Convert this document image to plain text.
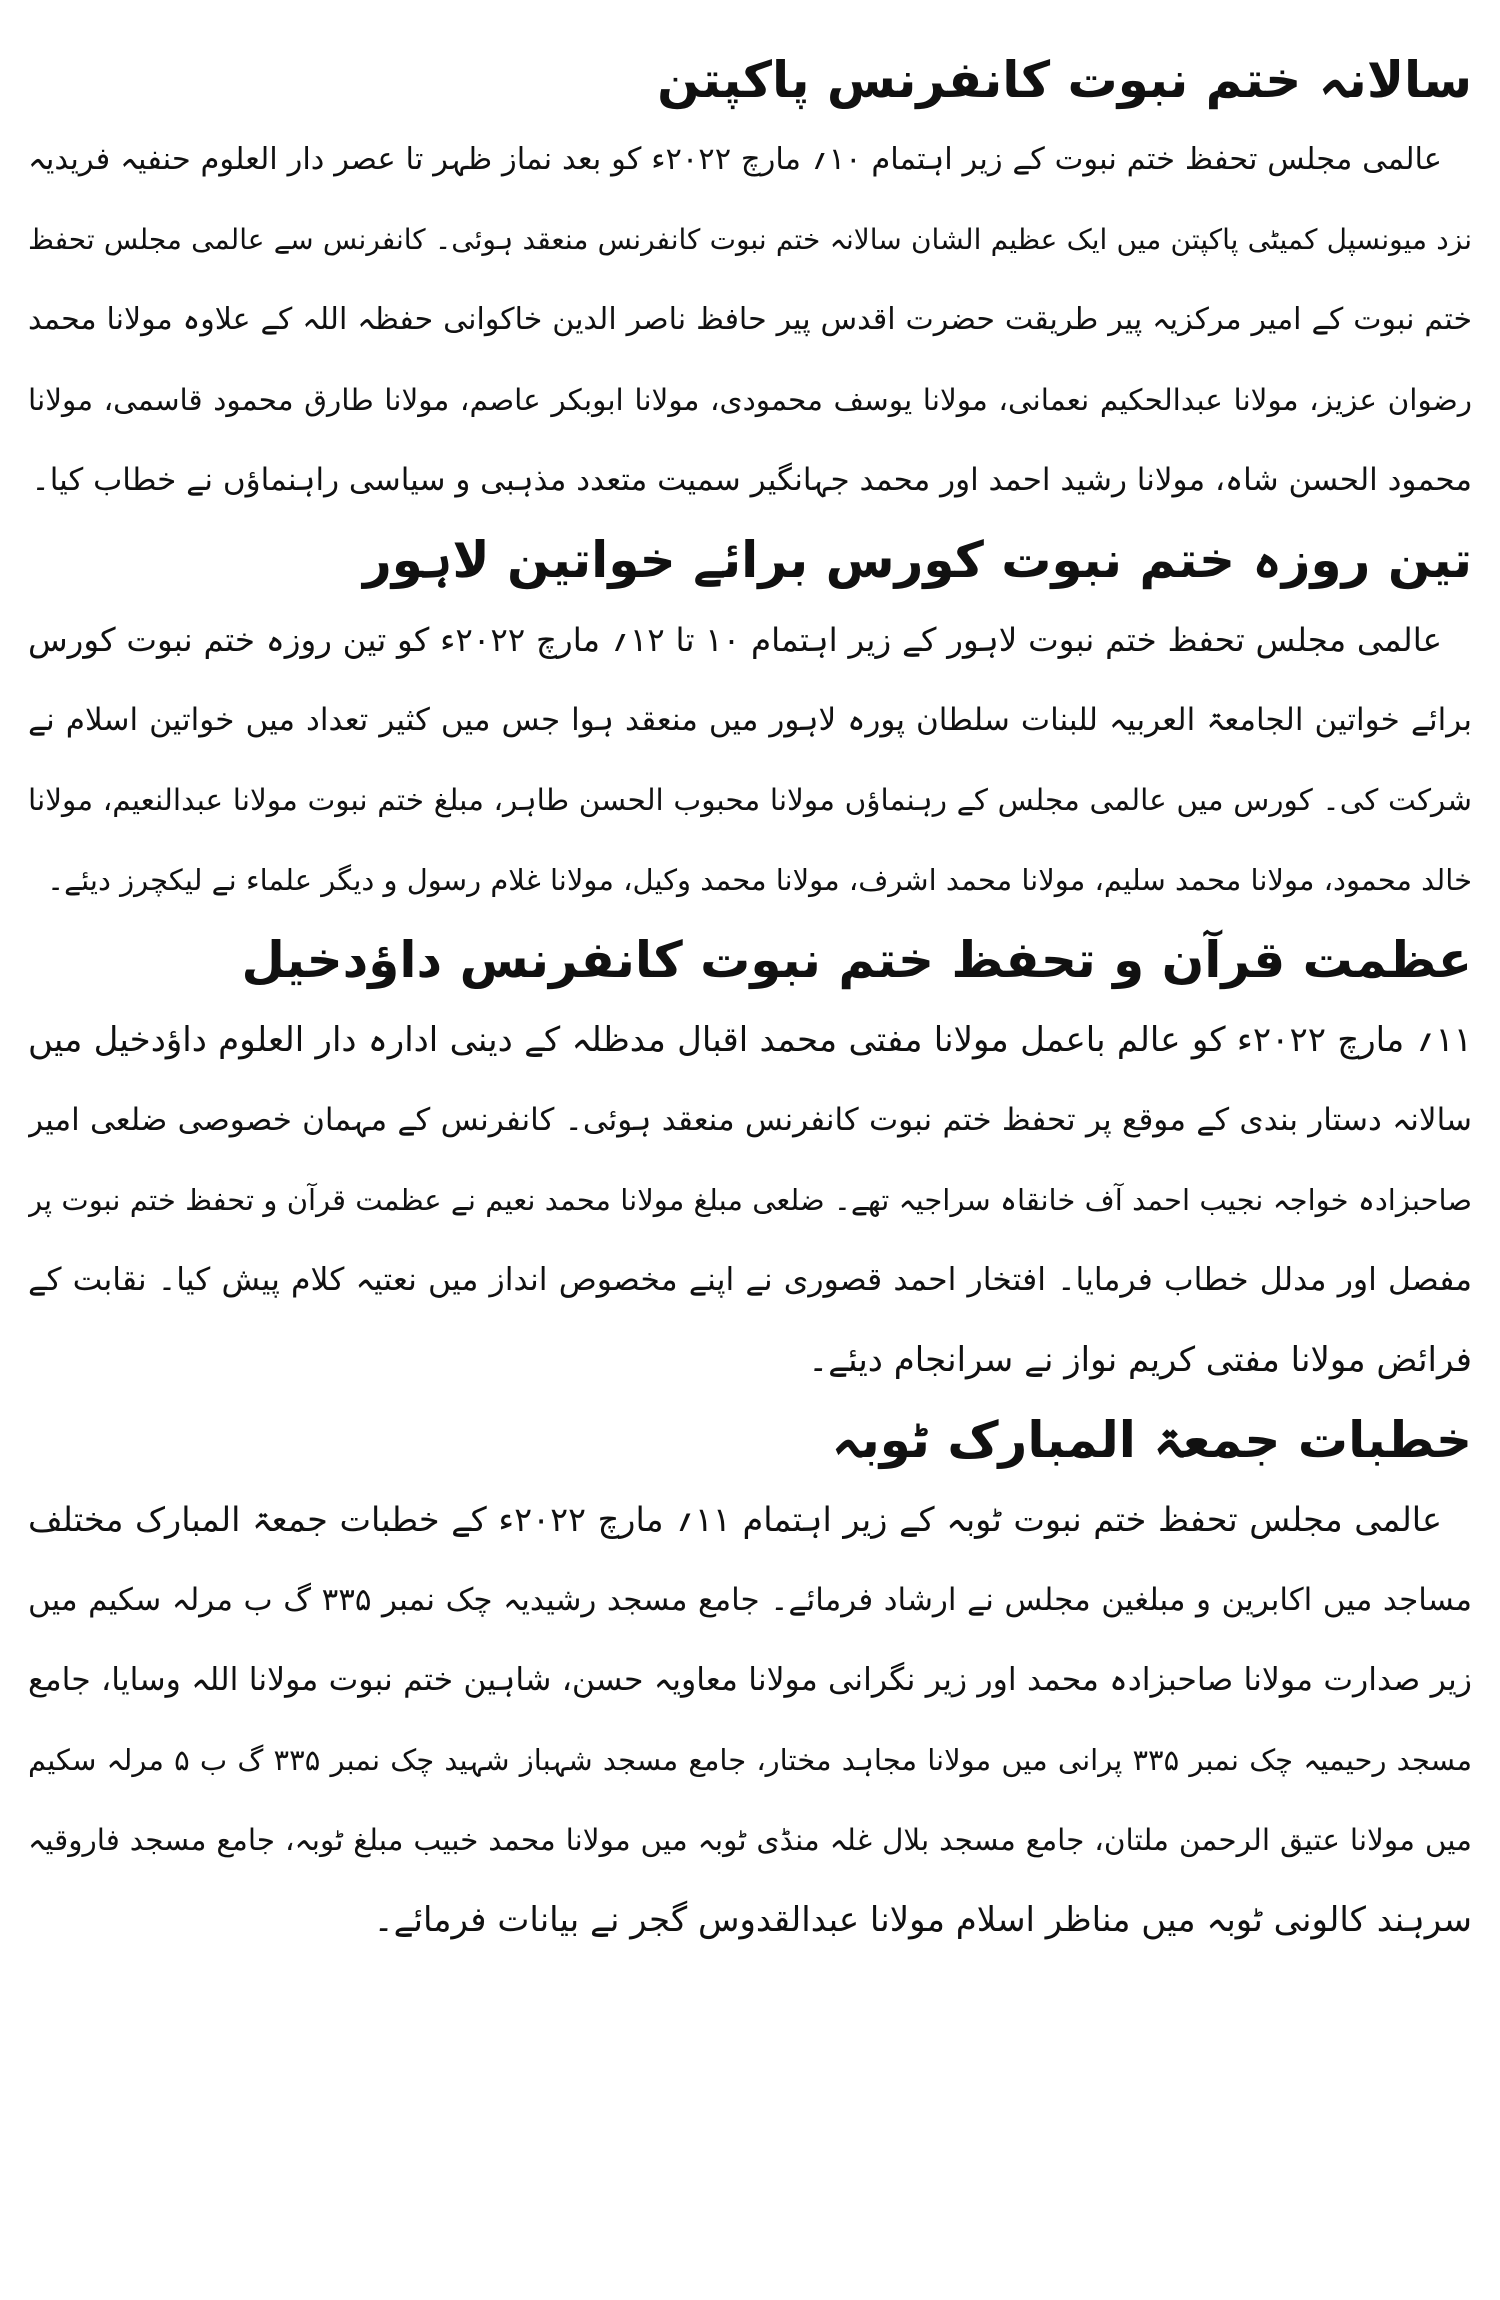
سالانہ ختم نبوت کانفرنس پاکپتن

عالمی مجلس تحفظ ختم نبوت کے زیر اہتمام ۱۰؍ مارچ ۲۰۲۲ء کو بعد نماز ظہر تا عصر دار العلوم حنفیہ فریدیہ

نزد میونسپل کمیٹی پاکپتن میں ایک عظیم الشان سالانہ ختم نبوت کانفرنس منعقد ہوئی۔ کانفرنس سے عالمی مجلس تحفظ

ختم نبوت کے امیر مرکزیہ پیر طریقت حضرت اقدس پیر حافظ ناصر الدین خاکوانی حفظہ اللہ کے علاوہ مولانا محمد

رضوان عزیز، مولانا عبدالحکیم نعمانی، مولانا یوسف محمودی، مولانا ابوبکر عاصم، مولانا طارق محمود قاسمی، مولانا

محمود الحسن شاہ، مولانا رشید احمد اور محمد جہانگیر سمیت متعدد مذہبی و سیاسی راہنماؤں نے خطاب کیا۔

تین روزہ ختم نبوت کورس برائے خواتین لاہور

عالمی مجلس تحفظ ختم نبوت لاہور کے زیر اہتمام ۱۰ تا ۱۲؍ مارچ ۲۰۲۲ء کو تین روزہ ختم نبوت کورس

برائے خواتین الجامعۃ العربیہ للبنات سلطان پورہ لاہور میں منعقد ہوا جس میں کثیر تعداد میں خواتین اسلام نے

شرکت کی۔ کورس میں عالمی مجلس کے رہنماؤں مولانا محبوب الحسن طاہر، مبلغ ختم نبوت مولانا عبدالنعیم، مولانا

خالد محمود، مولانا محمد سلیم، مولانا محمد اشرف، مولانا محمد وکیل، مولانا غلام رسول و دیگر علماء نے لیکچرز دیئے۔

عظمت قرآن و تحفظ ختم نبوت کانفرنس داؤدخیل

۱۱؍ مارچ ۲۰۲۲ء کو عالم باعمل مولانا مفتی محمد اقبال مدظلہ کے دینی ادارہ دار العلوم داؤدخیل میں

سالانہ دستار بندی کے موقع پر تحفظ ختم نبوت کانفرنس منعقد ہوئی۔ کانفرنس کے مہمان خصوصی ضلعی امیر

صاحبزادہ خواجہ نجیب احمد آف خانقاہ سراجیہ تھے۔ ضلعی مبلغ مولانا محمد نعیم نے عظمت قرآن و تحفظ ختم نبوت پر

مفصل اور مدلل خطاب فرمایا۔ افتخار احمد قصوری نے اپنے مخصوص انداز میں نعتیہ کلام پیش کیا۔ نقابت کے

فرائض مولانا مفتی کریم نواز نے سرانجام دیئے۔

خطبات جمعۃ المبارک ٹوبہ

عالمی مجلس تحفظ ختم نبوت ٹوبہ کے زیر اہتمام ۱۱؍ مارچ ۲۰۲۲ء کے خطبات جمعۃ المبارک مختلف

مساجد میں اکابرین و مبلغین مجلس نے ارشاد فرمائے۔ جامع مسجد رشیدیہ چک نمبر ۳۳۵ گ ب مرلہ سکیم میں

زیر صدارت مولانا صاحبزادہ محمد اور زیر نگرانی مولانا معاویہ حسن، شاہین ختم نبوت مولانا اللہ وسایا، جامع

مسجد رحیمیہ چک نمبر ۳۳۵ پرانی میں مولانا مجاہد مختار، جامع مسجد شہباز شہید چک نمبر ۳۳۵ گ ب ۵ مرلہ سکیم

میں مولانا عتیق الرحمن ملتان، جامع مسجد بلال غلہ منڈی ٹوبہ میں مولانا محمد خبیب مبلغ ٹوبہ، جامع مسجد فاروقیہ

سرہند کالونی ٹوبہ میں مناظر اسلام مولانا عبدالقدوس گجر نے بیانات فرمائے۔
